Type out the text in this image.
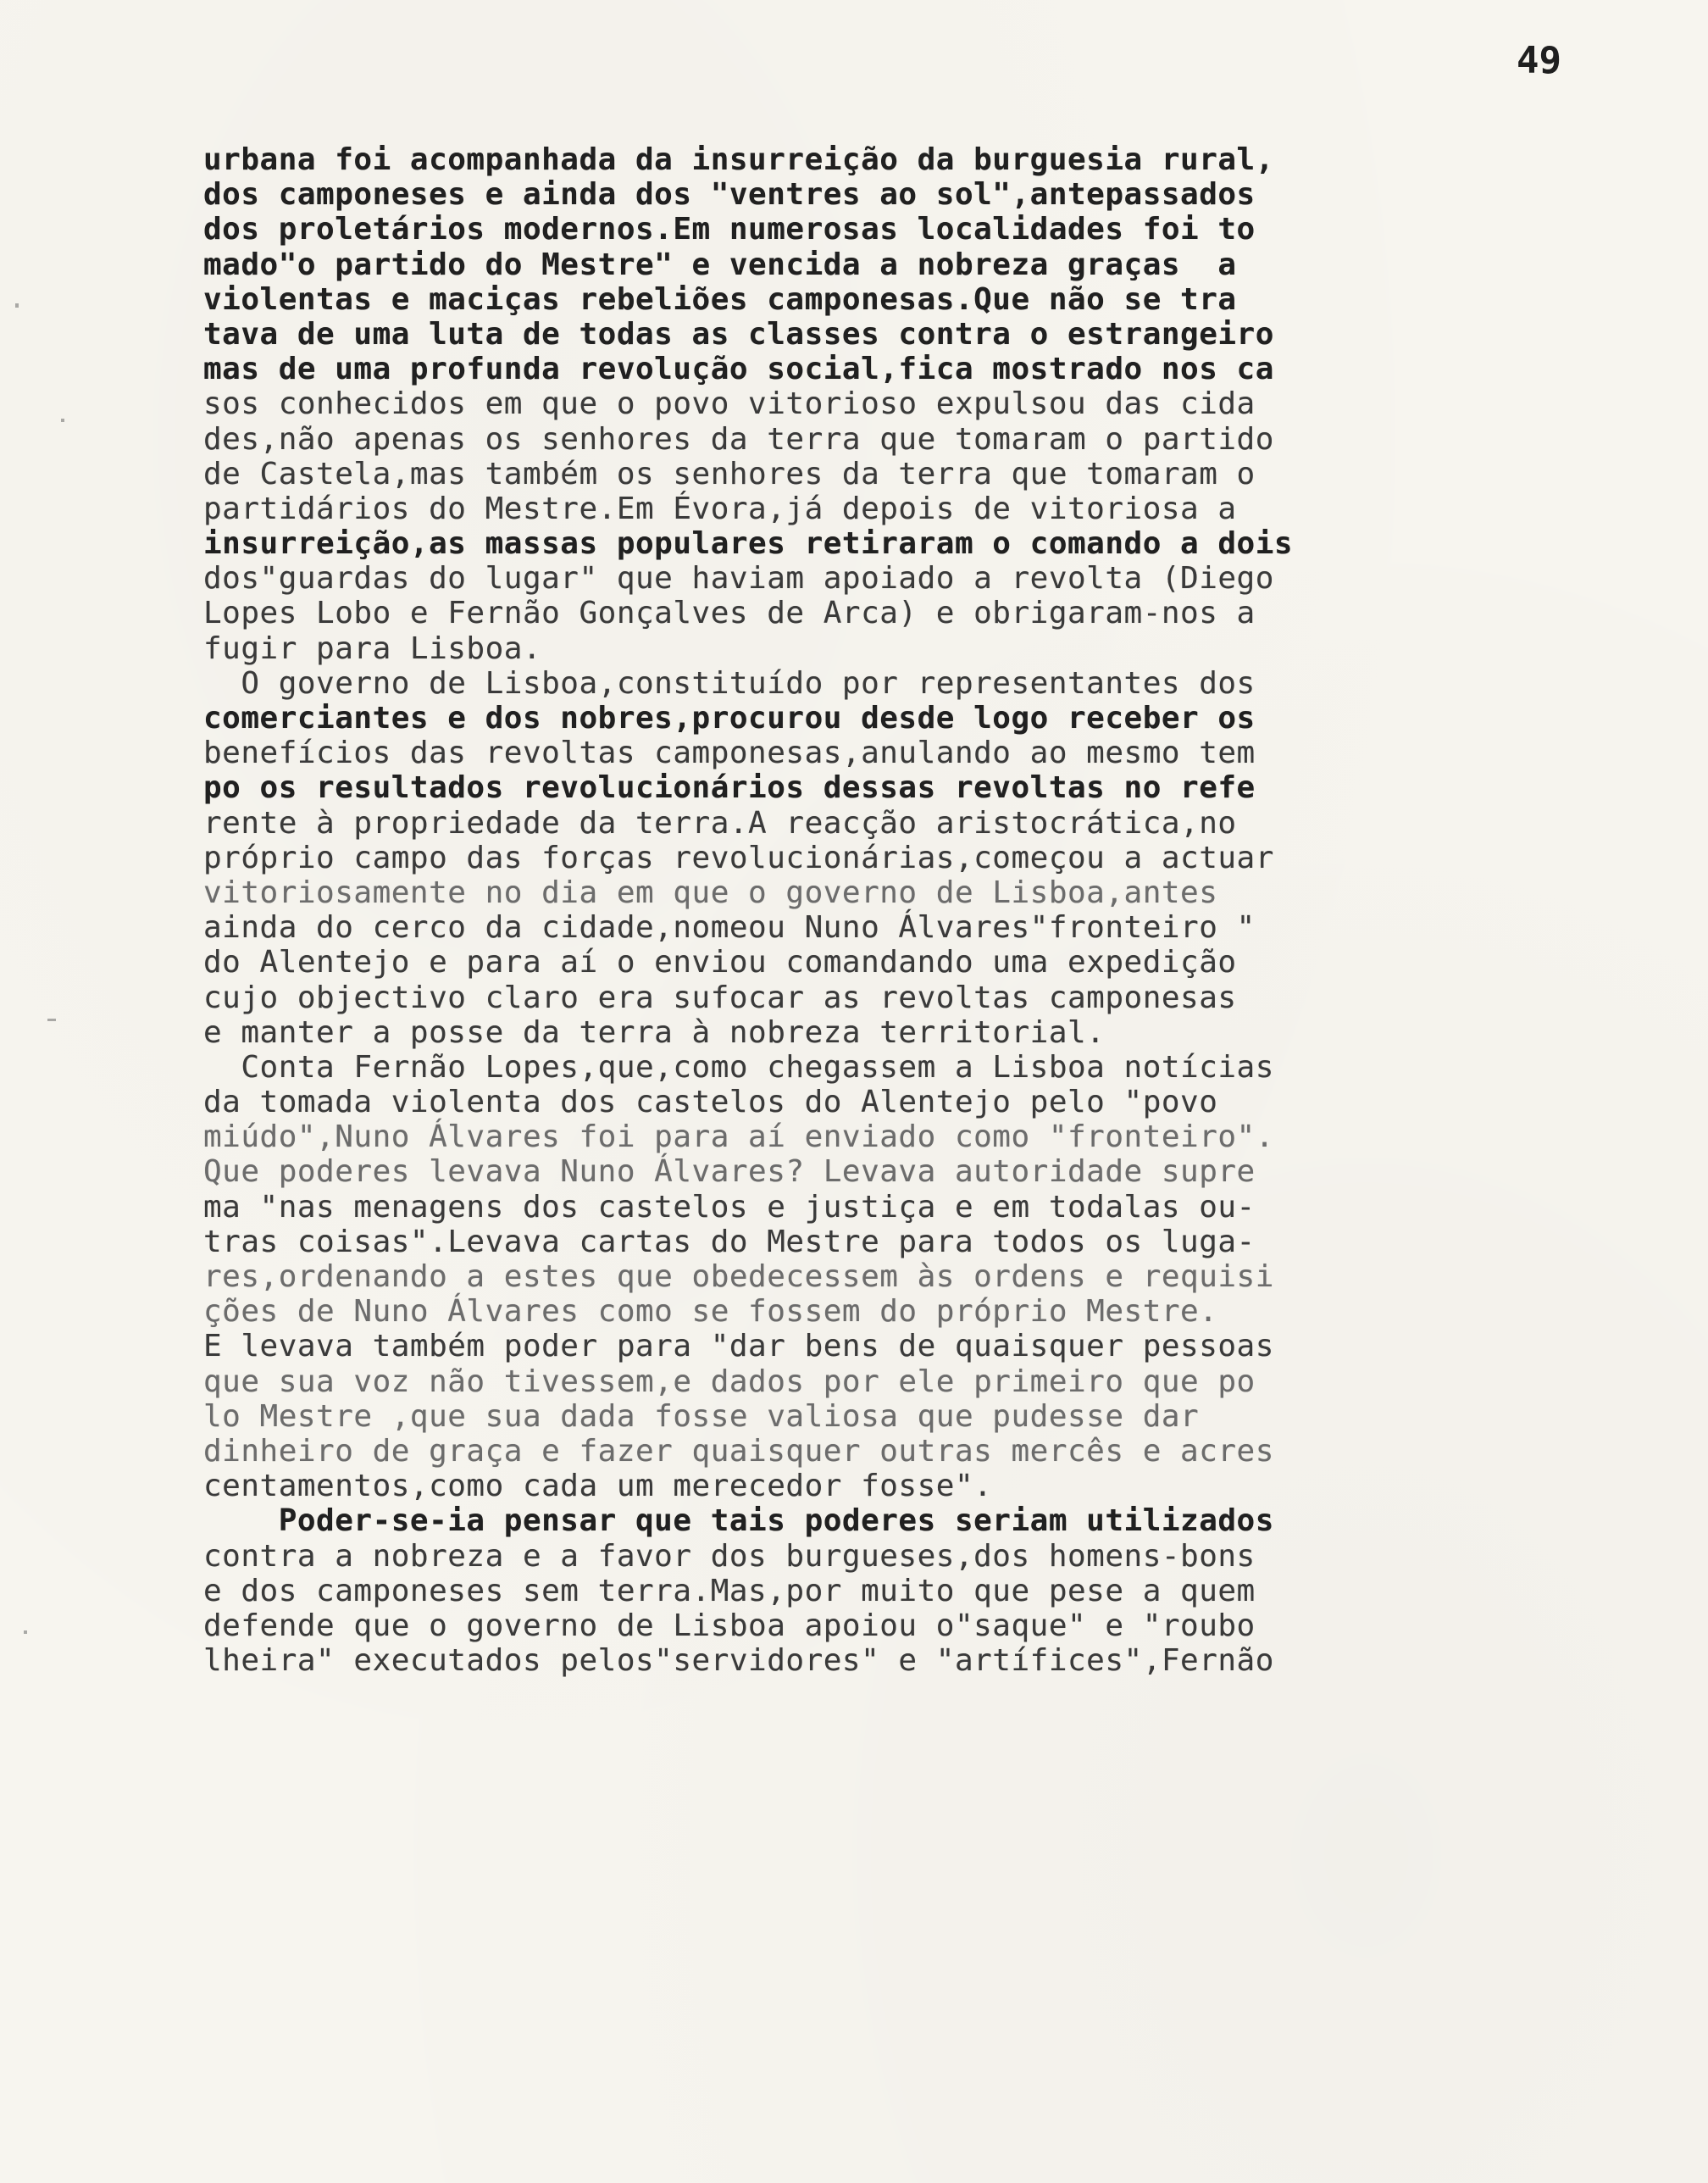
49
urbana foi acompanhada da insurreição da burguesia rural,
dos camponeses e ainda dos "ventres ao sol",antepassados
dos proletários modernos.Em numerosas localidades foi to
mado"o partido do Mestre" e vencida a nobreza graças  a
violentas e maciças rebeliões camponesas.Que não se tra
tava de uma luta de todas as classes contra o estrangeiro
mas de uma profunda revolução social,fica mostrado nos ca
sos conhecidos em que o povo vitorioso expulsou das cida
des,não apenas os senhores da terra que tomaram o partido
de Castela,mas também os senhores da terra que tomaram o
partidários do Mestre.Em Évora,já depois de vitoriosa a
insurreição,as massas populares retiraram o comando a dois
dos"guardas do lugar" que haviam apoiado a revolta (Diego
Lopes Lobo e Fernão Gonçalves de Arca) e obrigaram-nos a
fugir para Lisboa.
O governo de Lisboa,constituído por representantes dos
comerciantes e dos nobres,procurou desde logo receber os
benefícios das revoltas camponesas,anulando ao mesmo tem
po os resultados revolucionários dessas revoltas no refe
rente à propriedade da terra.A reacção aristocrática,no
próprio campo das forças revolucionárias,começou a actuar
vitoriosamente no dia em que o governo de Lisboa,antes
ainda do cerco da cidade,nomeou Nuno Álvares"fronteiro "
do Alentejo e para aí o enviou comandando uma expedição
cujo objectivo claro era sufocar as revoltas camponesas
e manter a posse da terra à nobreza territorial.
Conta Fernão Lopes,que,como chegassem a Lisboa notícias
da tomada violenta dos castelos do Alentejo pelo "povo
miúdo",Nuno Álvares foi para aí enviado como "fronteiro".
Que poderes levava Nuno Álvares? Levava autoridade supre
ma "nas menagens dos castelos e justiça e em todalas ou-
tras coisas".Levava cartas do Mestre para todos os luga-
res,ordenando a estes que obedecessem às ordens e requisi
ções de Nuno Álvares como se fossem do próprio Mestre.
E levava também poder para "dar bens de quaisquer pessoas
que sua voz não tivessem,e dados por ele primeiro que po
lo Mestre ,que sua dada fosse valiosa que pudesse dar
dinheiro de graça e fazer quaisquer outras mercês e acres
centamentos,como cada um merecedor fosse".
Poder-se-ia pensar que tais poderes seriam utilizados
contra a nobreza e a favor dos burgueses,dos homens-bons
e dos camponeses sem terra.Mas,por muito que pese a quem
defende que o governo de Lisboa apoiou o"saque" e "roubo
lheira" executados pelos"servidores" e "artífices",Fernão
